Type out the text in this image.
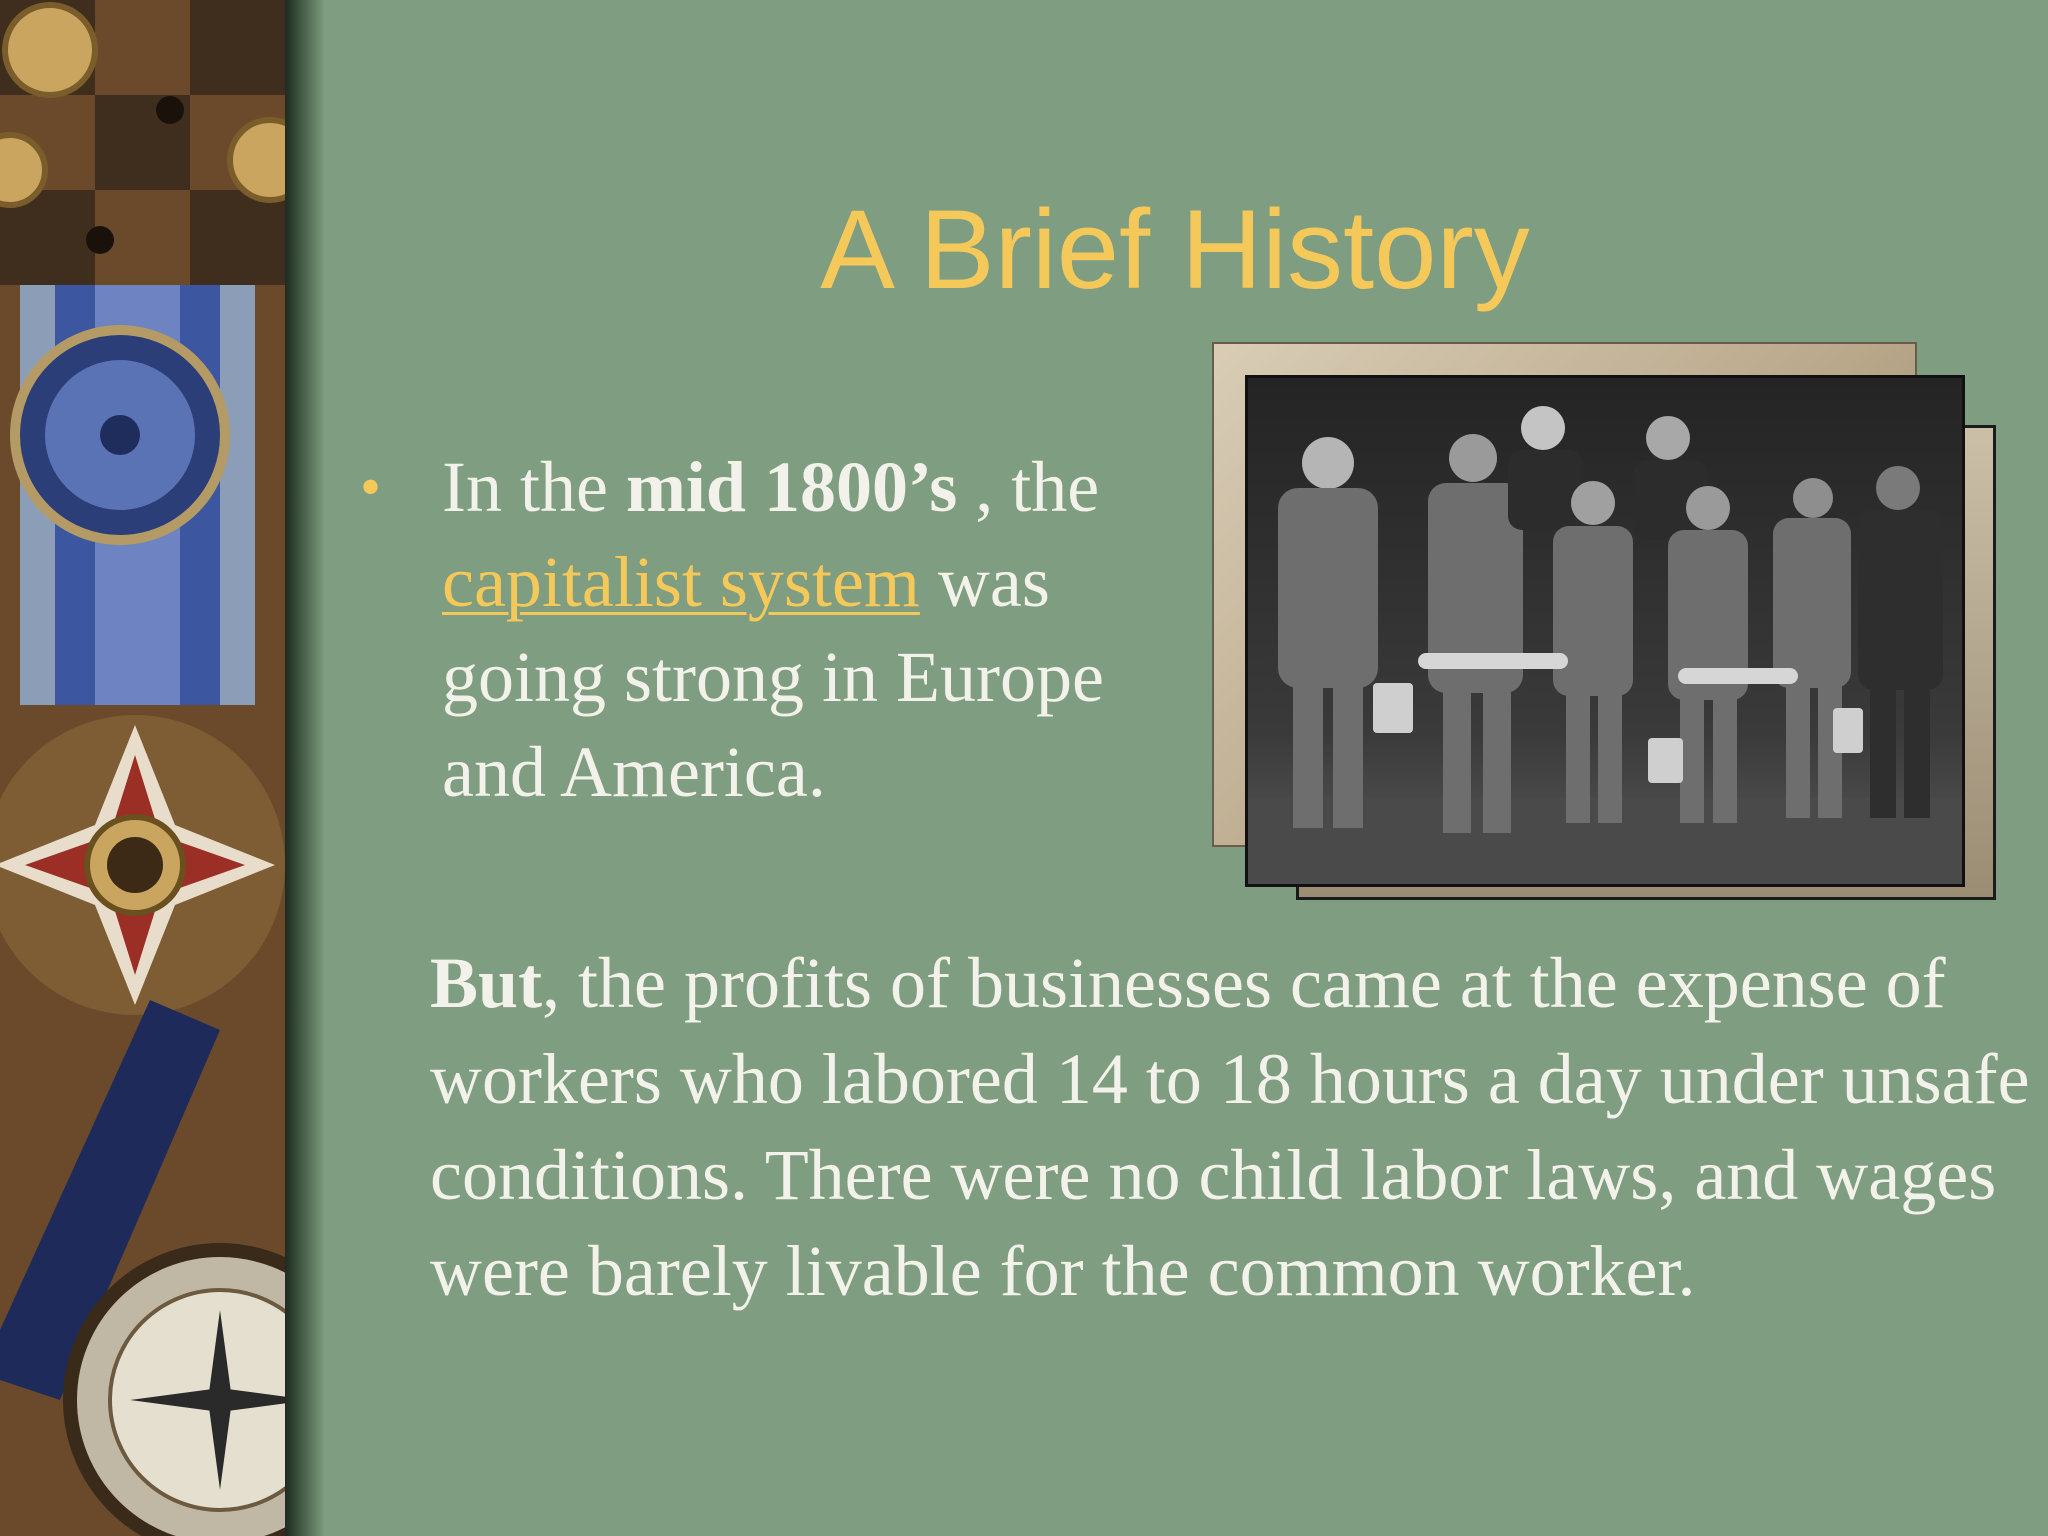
A Brief History
• In the mid 1800’s , the capitalist system was going strong in Europe and America.
But, the profits of businesses came at the expense of workers who labored 14 to 18 hours a day under unsafe conditions. There were no child labor laws, and wages were barely livable for the common worker.
